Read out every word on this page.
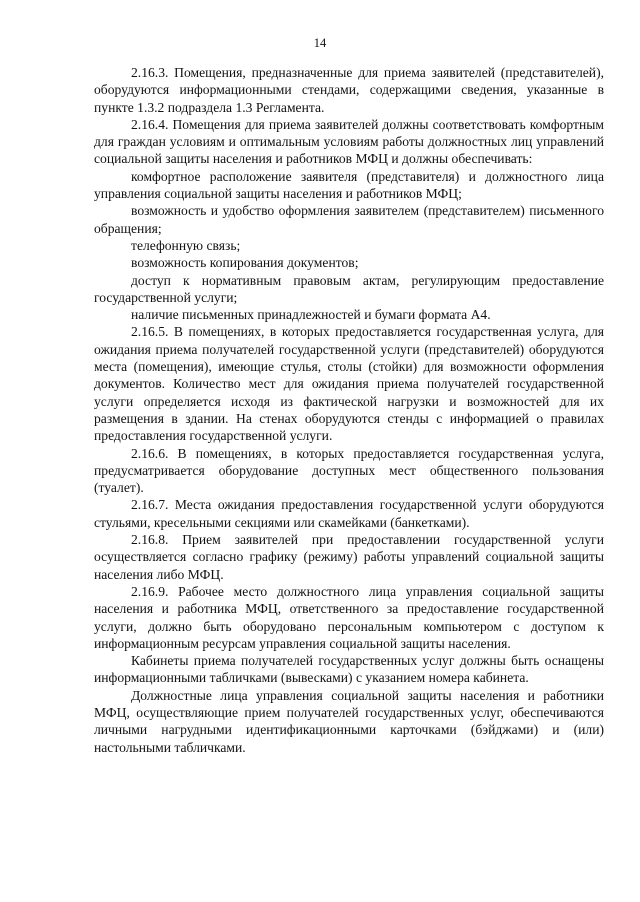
14

2.16.3. Помещения, предназначенные для приема заявителей (представителей), оборудуются информационными стендами, содержащими сведения, указанные в пункте 1.3.2 подраздела 1.3 Регламента.

2.16.4. Помещения для приема заявителей должны соответствовать комфортным для граждан условиям и оптимальным условиям работы должностных лиц управлений социальной защиты населения и работников МФЦ и должны обеспечивать:

комфортное расположение заявителя (представителя) и должностного лица управления социальной защиты населения и работников МФЦ;

возможность и удобство оформления заявителем (представителем) письменного обращения;

телефонную связь;

возможность копирования документов;

доступ к нормативным правовым актам, регулирующим предоставление государственной услуги;

наличие письменных принадлежностей и бумаги формата А4.

2.16.5. В помещениях, в которых предоставляется государственная услуга, для ожидания приема получателей государственной услуги (представителей) оборудуются места (помещения), имеющие стулья, столы (стойки) для возможности оформления документов. Количество мест для ожидания приема получателей государственной услуги определяется исходя из фактической нагрузки и возможностей для их размещения в здании. На стенах оборудуются стенды с информацией о правилах предоставления государственной услуги.

2.16.6. В помещениях, в которых предоставляется государственная услуга, предусматривается оборудование доступных мест общественного пользования (туалет).

2.16.7. Места ожидания предоставления государственной услуги оборудуются стульями, кресельными секциями или скамейками (банкетками).

2.16.8. Прием заявителей при предоставлении государственной услуги осуществляется согласно графику (режиму) работы управлений социальной защиты населения либо МФЦ.

2.16.9. Рабочее место должностного лица управления социальной защиты населения и работника МФЦ, ответственного за предоставление государственной услуги, должно быть оборудовано персональным компьютером с доступом к информационным ресурсам управления социальной защиты населения.

Кабинеты приема получателей государственных услуг должны быть оснащены информационными табличками (вывесками) с указанием номера кабинета.

Должностные лица управления социальной защиты населения и работники МФЦ, осуществляющие прием получателей государственных услуг, обеспечиваются личными нагрудными идентификационными карточками (бэйджами) и (или) настольными табличками.
